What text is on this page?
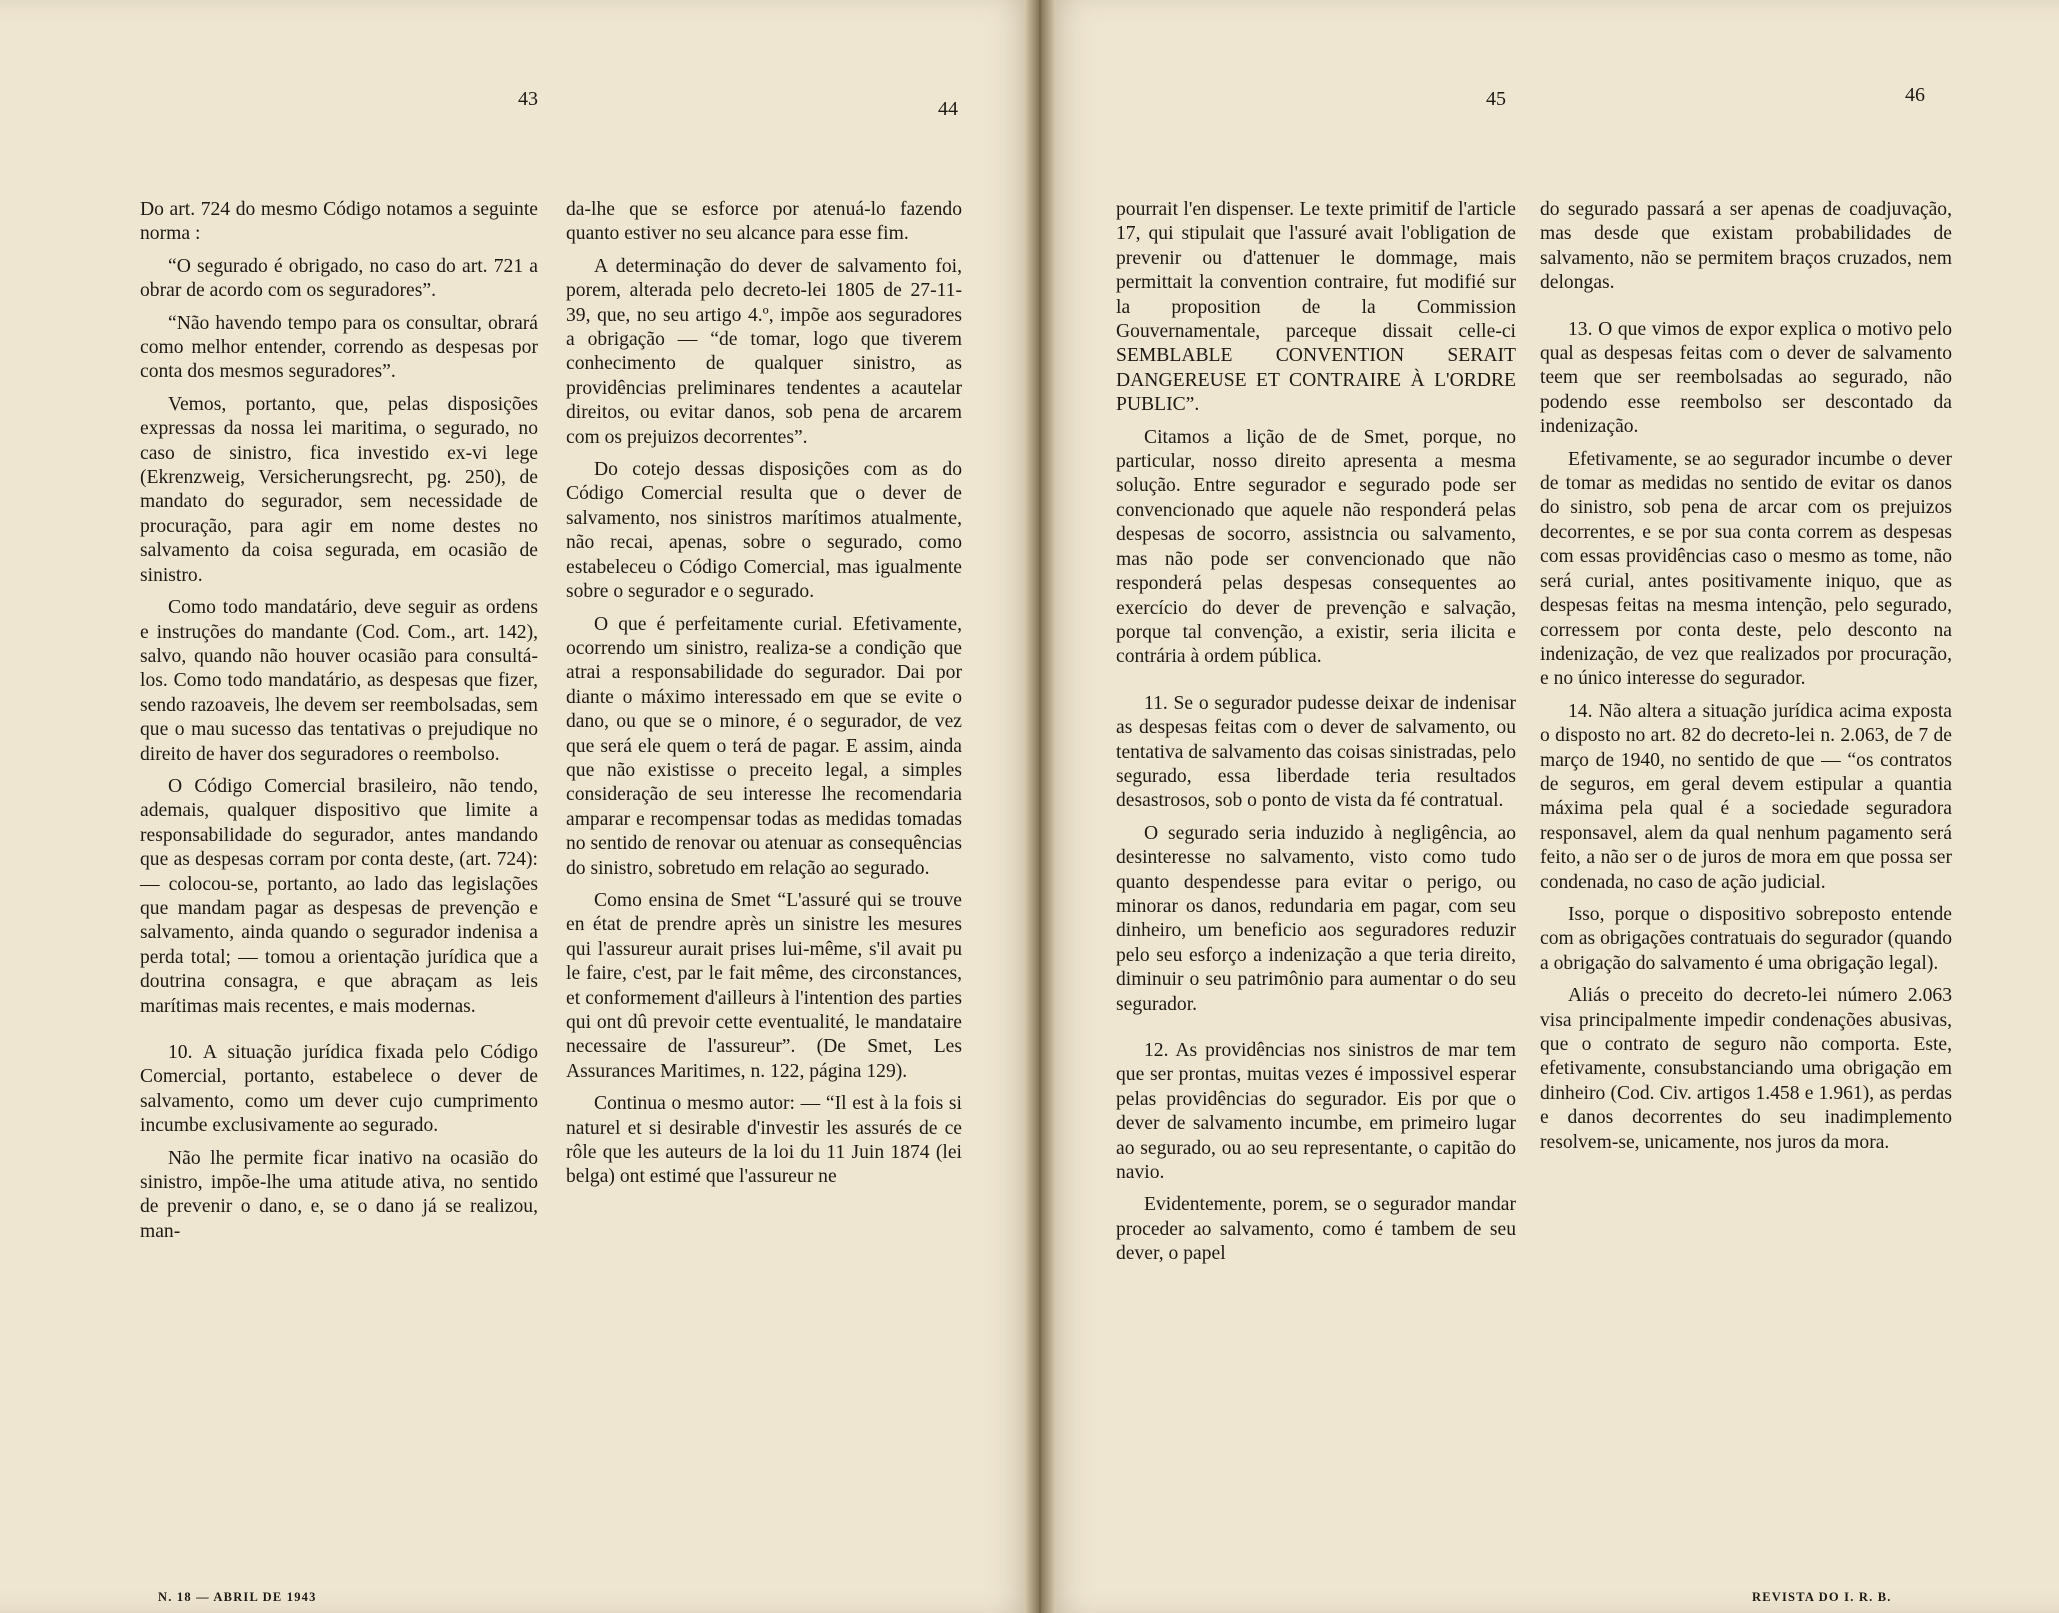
43	44	45	46

Do art. 724 do mesmo Código notamos a seguinte norma :

“O segurado é obrigado, no caso do art. 721 a obrar de acordo com os seguradores”.

“Não havendo tempo para os consultar, obrará como melhor entender, correndo as despesas por conta dos mesmos seguradores”.

Vemos, portanto, que, pelas disposições expressas da nossa lei maritima, o segurado, no caso de sinistro, fica investido ex-vi lege (Ekrenzweig, Versicherungsrecht, pg. 250), de mandato do segurador, sem necessidade de procuração, para agir em nome destes no salvamento da coisa segurada, em ocasião de sinistro.

Como todo mandatário, deve seguir as ordens e instruções do mandante (Cod. Com., art. 142), salvo, quando não houver ocasião para consultá-los. Como todo mandatário, as despesas que fizer, sendo razoaveis, lhe devem ser reembolsadas, sem que o mau sucesso das tentativas o prejudique no direito de haver dos seguradores o reembolso.

O Código Comercial brasileiro, não tendo, ademais, qualquer dispositivo que limite a responsabilidade do segurador, antes mandando que as despesas corram por conta deste, (art. 724): — colocou-se, portanto, ao lado das legislações que mandam pagar as despesas de prevenção e salvamento, ainda quando o segurador indenisa a perda total; — tomou a orientação jurídica que a doutrina consagra, e que abraçam as leis marítimas mais recentes, e mais modernas.

10. A situação jurídica fixada pelo Código Comercial, portanto, estabelece o dever de salvamento, como um dever cujo cumprimento incumbe exclusivamente ao segurado.

Não lhe permite ficar inativo na ocasião do sinistro, impõe-lhe uma atitude ativa, no sentido de prevenir o dano, e, se o dano já se realizou, man-

da-lhe que se esforce por atenuá-lo fazendo quanto estiver no seu alcance para esse fim.

A determinação do dever de salvamento foi, porem, alterada pelo decreto-lei 1805 de 27-11-39, que, no seu artigo 4.º, impõe aos seguradores a obrigação — “de tomar, logo que tiverem conhecimento de qualquer sinistro, as providências preliminares tendentes a acautelar direitos, ou evitar danos, sob pena de arcarem com os prejuizos decorrentes”.

Do cotejo dessas disposições com as do Código Comercial resulta que o dever de salvamento, nos sinistros marítimos atualmente, não recai, apenas, sobre o segurado, como estabeleceu o Código Comercial, mas igualmente sobre o segurador e o segurado.

O que é perfeitamente curial. Efetivamente, ocorrendo um sinistro, realiza-se a condição que atrai a responsabilidade do segurador. Dai por diante o máximo interessado em que se evite o dano, ou que se o minore, é o segurador, de vez que será ele quem o terá de pagar. E assim, ainda que não existisse o preceito legal, a simples consideração de seu interesse lhe recomendaria amparar e recompensar todas as medidas tomadas no sentido de renovar ou atenuar as consequências do sinistro, sobretudo em relação ao segurado.

Como ensina de Smet “L'assuré qui se trouve en état de prendre après un sinistre les mesures qui l'assureur aurait prises lui-même, s'il avait pu le faire, c'est, par le fait même, des circonstances, et conformement d'ailleurs à l'intention des parties qui ont dû prevoir cette eventualité, le mandataire necessaire de l'assureur”. (De Smet, Les Assurances Maritimes, n. 122, página 129).

Continua o mesmo autor: — “Il est à la fois si naturel et si desirable d'investir les assurés de ce rôle que les auteurs de la loi du 11 Juin 1874 (lei belga) ont estimé que l'assureur ne

pourrait l'en dispenser. Le texte primitif de l'article 17, qui stipulait que l'assuré avait l'obligation de prevenir ou d'attenuer le dommage, mais permittait la convention contraire, fut modifié sur la proposition de la Commission Gouvernamentale, parceque dissait celle-ci SEMBLABLE CONVENTION SERAIT DANGEREUSE ET CONTRAIRE À L'ORDRE PUBLIC”.

Citamos a lição de de Smet, porque, no particular, nosso direito apresenta a mesma solução. Entre segurador e segurado pode ser convencionado que aquele não responderá pelas despesas de socorro, assistncia ou salvamento, mas não pode ser convencionado que não responderá pelas despesas consequentes ao exercício do dever de prevenção e salvação, porque tal convenção, a existir, seria ilicita e contrária à ordem pública.

11. Se o segurador pudesse deixar de indenisar as despesas feitas com o dever de salvamento, ou tentativa de salvamento das coisas sinistradas, pelo segurado, essa liberdade teria resultados desastrosos, sob o ponto de vista da fé contratual.

O segurado seria induzido à negligência, ao desinteresse no salvamento, visto como tudo quanto despendesse para evitar o perigo, ou minorar os danos, redundaria em pagar, com seu dinheiro, um beneficio aos seguradores reduzir pelo seu esforço a indenização a que teria direito, diminuir o seu patrimônio para aumentar o do seu segurador.

12. As providências nos sinistros de mar tem que ser prontas, muitas vezes é impossivel esperar pelas providências do segurador. Eis por que o dever de salvamento incumbe, em primeiro lugar ao segurado, ou ao seu representante, o capitão do navio.

Evidentemente, porem, se o segurador mandar proceder ao salvamento, como é tambem de seu dever, o papel

do segurado passará a ser apenas de coadjuvação, mas desde que existam probabilidades de salvamento, não se permitem braços cruzados, nem delongas.

13. O que vimos de expor explica o motivo pelo qual as despesas feitas com o dever de salvamento teem que ser reembolsadas ao segurado, não podendo esse reembolso ser descontado da indenização.

Efetivamente, se ao segurador incumbe o dever de tomar as medidas no sentido de evitar os danos do sinistro, sob pena de arcar com os prejuizos decorrentes, e se por sua conta correm as despesas com essas providências caso o mesmo as tome, não será curial, antes positivamente iniquo, que as despesas feitas na mesma intenção, pelo segurado, corressem por conta deste, pelo desconto na indenização, de vez que realizados por procuração, e no único interesse do segurador.

14. Não altera a situação jurídica acima exposta o disposto no art. 82 do decreto-lei n. 2.063, de 7 de março de 1940, no sentido de que — “os contratos de seguros, em geral devem estipular a quantia máxima pela qual é a sociedade seguradora responsavel, alem da qual nenhum pagamento será feito, a não ser o de juros de mora em que possa ser condenada, no caso de ação judicial.

Isso, porque o dispositivo sobreposto entende com as obrigações contratuais do segurador (quando a obrigação do salvamento é uma obrigação legal).

Aliás o preceito do decreto-lei número 2.063 visa principalmente impedir condenações abusivas, que o contrato de seguro não comporta. Este, efetivamente, consubstanciando uma obrigação em dinheiro (Cod. Civ. artigos 1.458 e 1.961), as perdas e danos decorrentes do seu inadimplemento resolvem-se, unicamente, nos juros da mora.

N. 18 — ABRIL DE 1943	REVISTA DO I. R. B.
